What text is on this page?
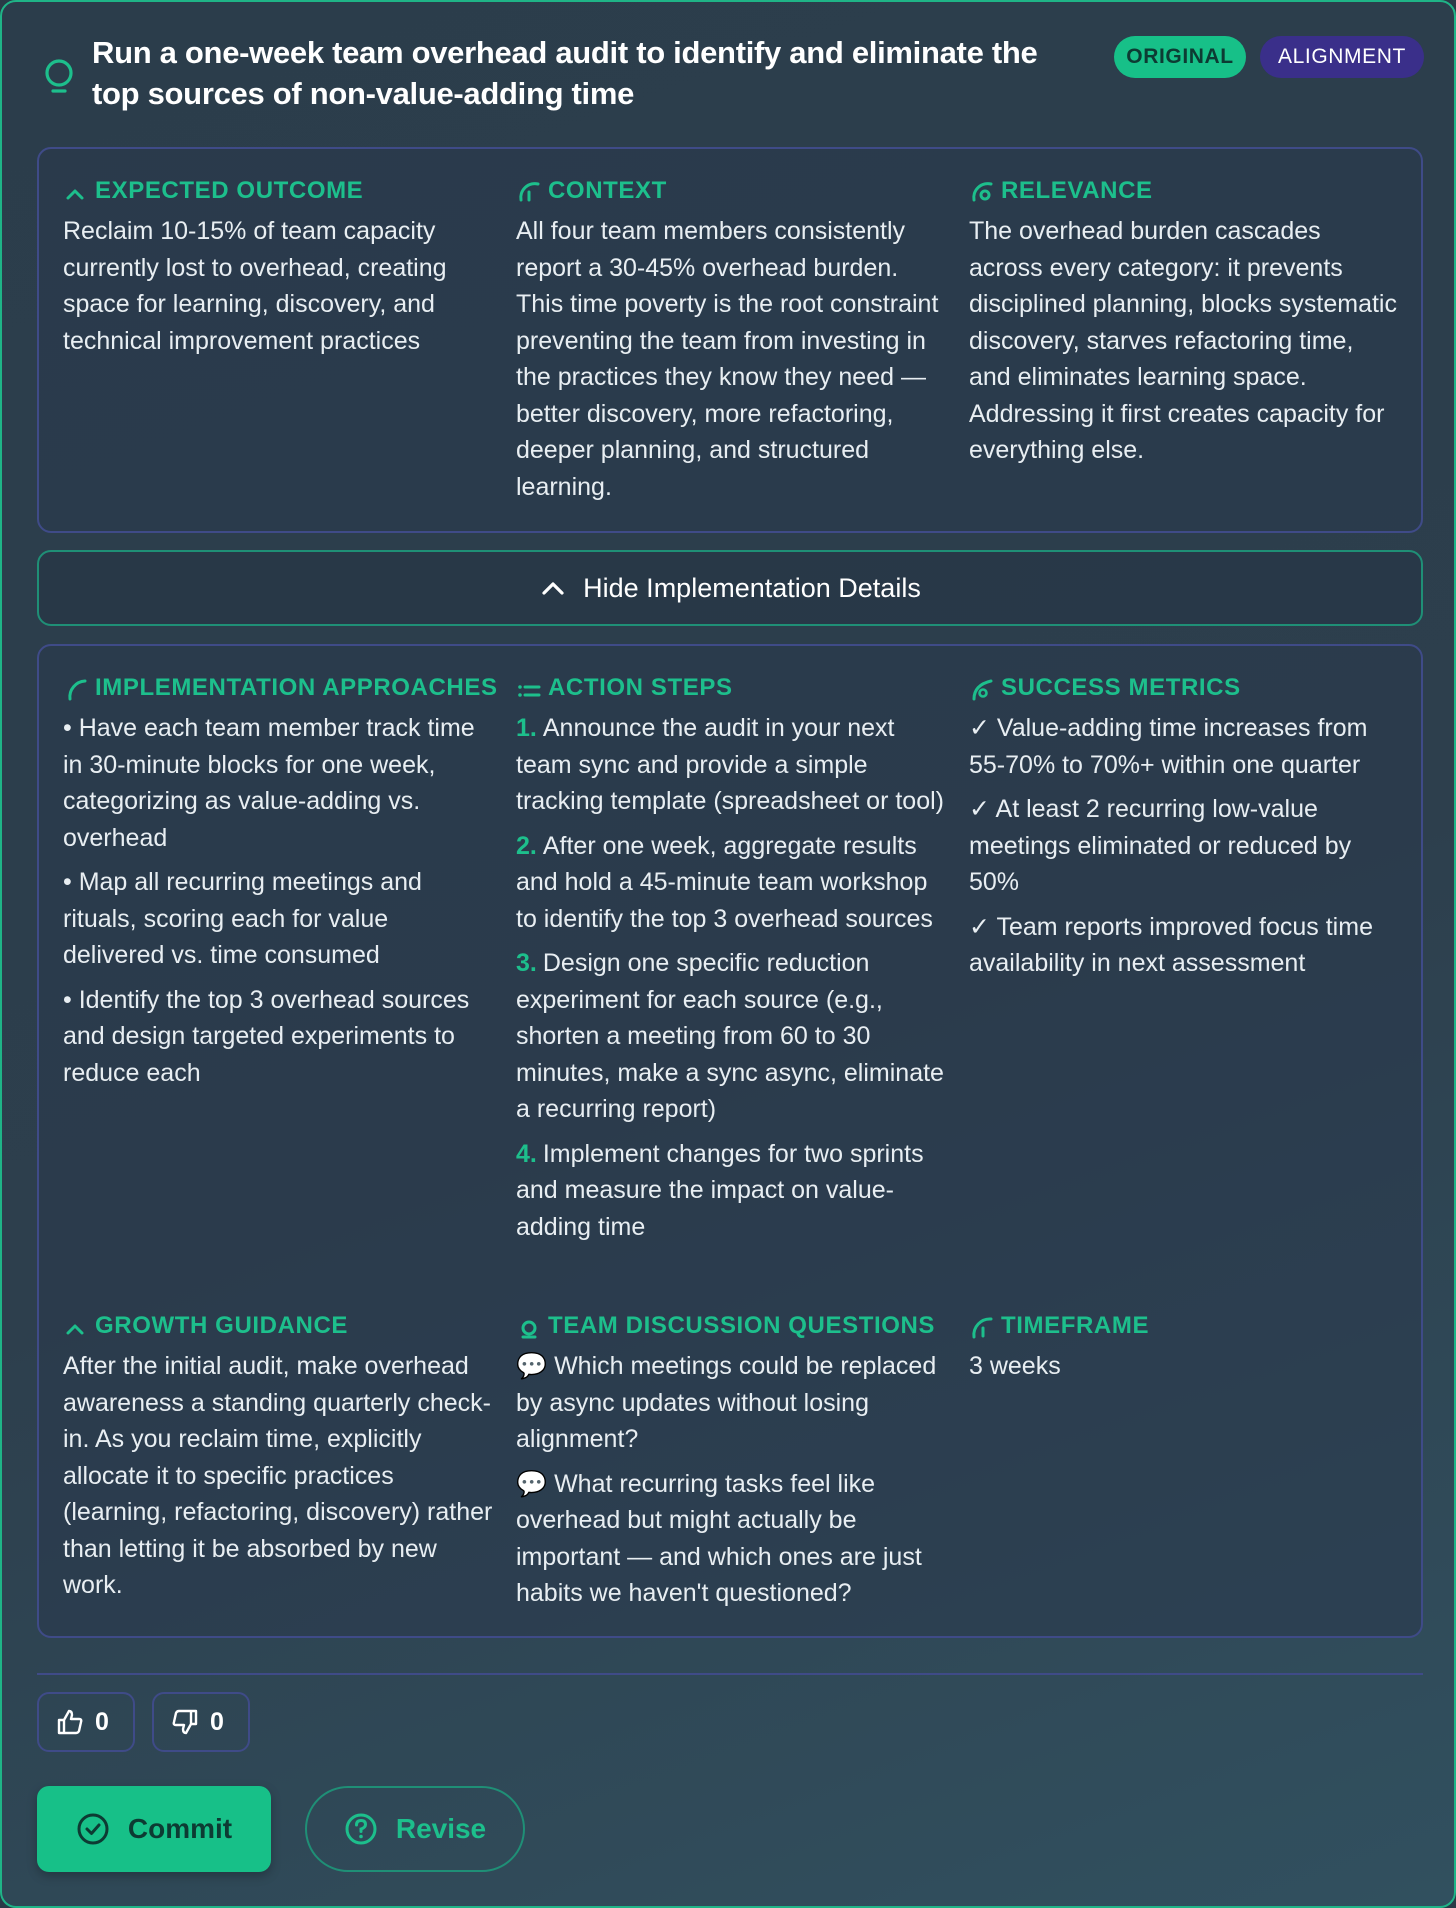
Run a one-week team overhead audit to identify and eliminate the top sources of non-value-adding time
ORIGINAL	ALIGNMENT
EXPECTED OUTCOME
Reclaim 10-15% of team capacity currently lost to overhead, creating space for learning, discovery, and technical improvement practices
CONTEXT
All four team members consistently report a 30-45% overhead burden. This time poverty is the root constraint preventing the team from investing in the practices they know they need — better discovery, more refactoring, deeper planning, and structured learning.
RELEVANCE
The overhead burden cascades across every category: it prevents disciplined planning, blocks systematic discovery, starves refactoring time, and eliminates learning space. Addressing it first creates capacity for everything else.
Hide Implementation Details
IMPLEMENTATION APPROACHES
• Have each team member track time in 30-minute blocks for one week, categorizing as value-adding vs. overhead
• Map all recurring meetings and rituals, scoring each for value delivered vs. time consumed
• Identify the top 3 overhead sources and design targeted experiments to reduce each
ACTION STEPS
1. Announce the audit in your next team sync and provide a simple tracking template (spreadsheet or tool)
2. After one week, aggregate results and hold a 45-minute team workshop to identify the top 3 overhead sources
3. Design one specific reduction experiment for each source (e.g., shorten a meeting from 60 to 30 minutes, make a sync async, eliminate a recurring report)
4. Implement changes for two sprints and measure the impact on value-adding time
SUCCESS METRICS
✓ Value-adding time increases from 55-70% to 70%+ within one quarter
✓ At least 2 recurring low-value meetings eliminated or reduced by 50%
✓ Team reports improved focus time availability in next assessment
GROWTH GUIDANCE
After the initial audit, make overhead awareness a standing quarterly check-in. As you reclaim time, explicitly allocate it to specific practices (learning, refactoring, discovery) rather than letting it be absorbed by new work.
TEAM DISCUSSION QUESTIONS
💬 Which meetings could be replaced by async updates without losing alignment?
💬 What recurring tasks feel like overhead but might actually be important — and which ones are just habits we haven't questioned?
TIMEFRAME
3 weeks
0	0
Commit	Revise
